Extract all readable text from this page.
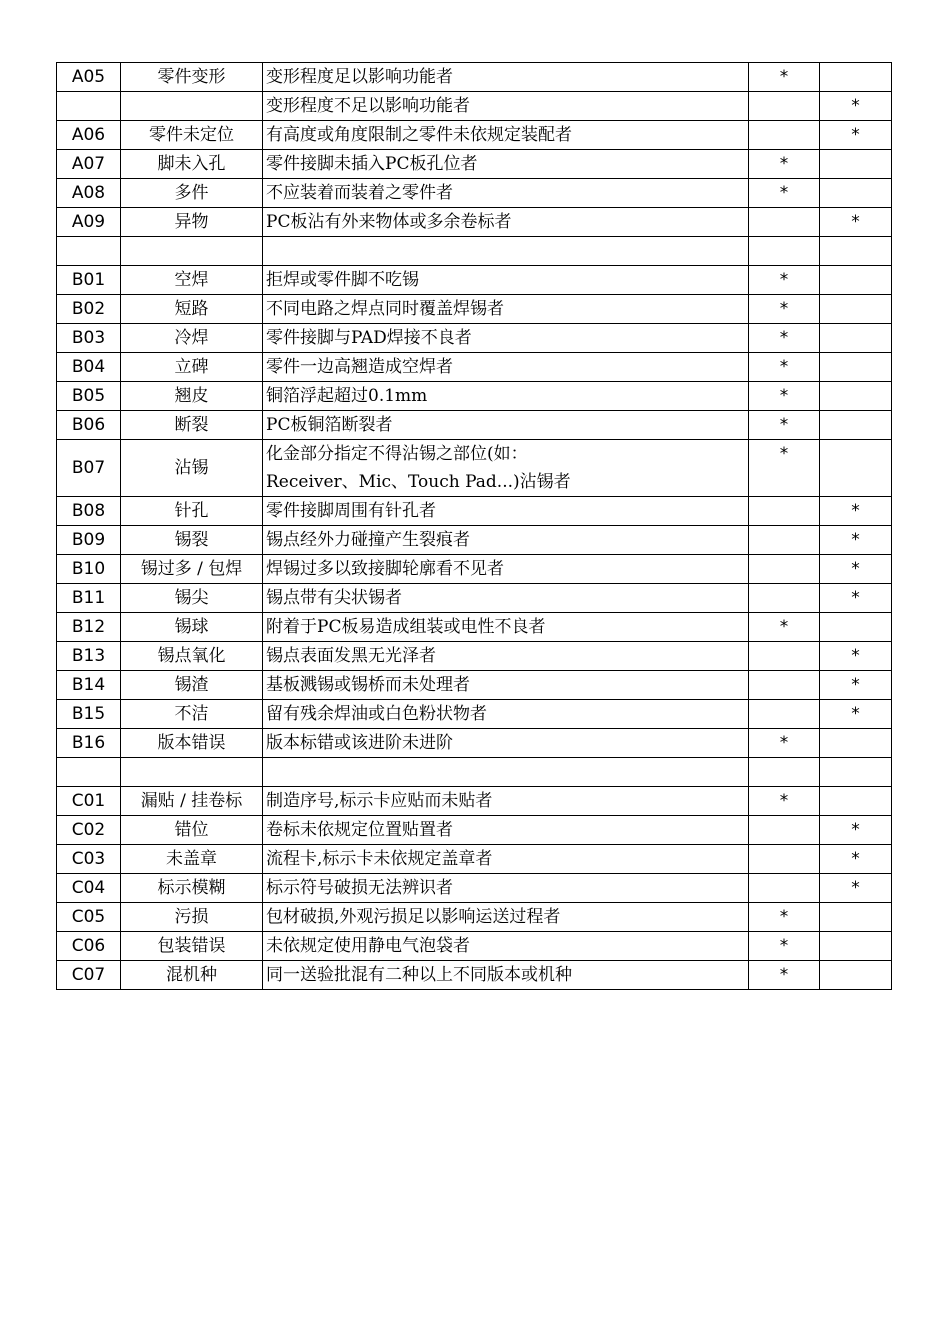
A05	零件变形	变形程度足以影响功能者	*	

		变形程度不足以影响功能者		*
A06	零件未定位	有高度或角度限制之零件未依规定装配者		*
A07	脚未入孔	零件接脚未插入PC板孔位者	*	
A08	多件	不应装着而装着之零件者	*	
A09	异物	PC板沾有外来物体或多余卷标者		*

B01	空焊	拒焊或零件脚不吃锡	*	
B02	短路	不同电路之焊点同时覆盖焊锡者	*	
B03	冷焊	零件接脚与PAD焊接不良者	*	
B04	立碑	零件一边高翘造成空焊者	*	
B05	翘皮	铜箔浮起超过0.1mm	*	
B06	断裂	PC板铜箔断裂者	*	
B07	沾锡	化金部分指定不得沾锡之部位(如：
Receiver、Mic、Touch Pad...)沾锡者	*	
B08	针孔	零件接脚周围有针孔者		*
B09	锡裂	锡点经外力碰撞产生裂痕者		*
B10	锡过多 / 包焊	焊锡过多以致接脚轮廓看不见者		*
B11	锡尖	锡点带有尖状锡者		*
B12	锡球	附着于PC板易造成组装或电性不良者	*	
B13	锡点氧化	锡点表面发黑无光泽者		*
B14	锡渣	基板溅锡或锡桥而未处理者		*
B15	不洁	留有残余焊油或白色粉状物者		*
B16	版本错误	版本标错或该进阶未进阶	*	

C01	漏贴 / 挂卷标	制造序号,标示卡应贴而未贴者	*	
C02	错位	卷标未依规定位置贴置者		*
C03	未盖章	流程卡,标示卡未依规定盖章者		*
C04	标示模糊	标示符号破损无法辨识者		*
C05	污损	包材破损,外观污损足以影响运送过程者	*	
C06	包装错误	未依规定使用静电气泡袋者	*	
C07	混机种	同一送验批混有二种以上不同版本或机种	*	
